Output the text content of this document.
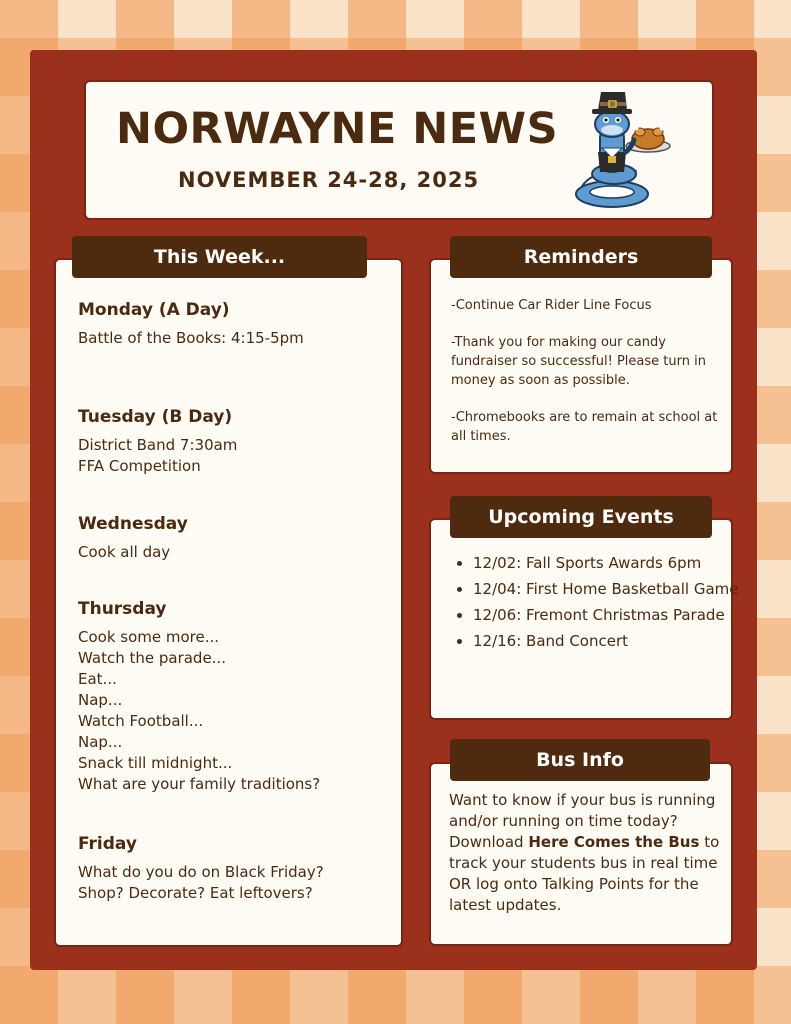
NORWAYNE NEWS
NOVEMBER 24-28, 2025
Monday (A Day)
Battle of the Books: 4:15-5pm
Tuesday (B Day)
District Band 7:30am
FFA Competition
Wednesday
Cook all day
Thursday
Cook some more...
Watch the parade...
Eat...
Nap...
Watch Football...
Nap...
Snack till midnight...
What are your family traditions?
Friday
What do you do on Black Friday?
Shop? Decorate? Eat leftovers?
This Week...

-Continue Car Rider Line Focus

-Thank you for making our candy fundraiser so successful! Please turn in money as soon as possible.

-Chromebooks are to remain at school at all times.

Reminders
• 12/02: Fall Sports Awards 6pm
• 12/04: First Home Basketball Game
• 12/06: Fremont Christmas Parade
• 12/16: Band Concert
Upcoming Events
Want to know if your bus is running and/or running on time today?
Download Here Comes the Bus to track your students bus in real time OR log onto Talking Points for the latest updates.
Bus Info
